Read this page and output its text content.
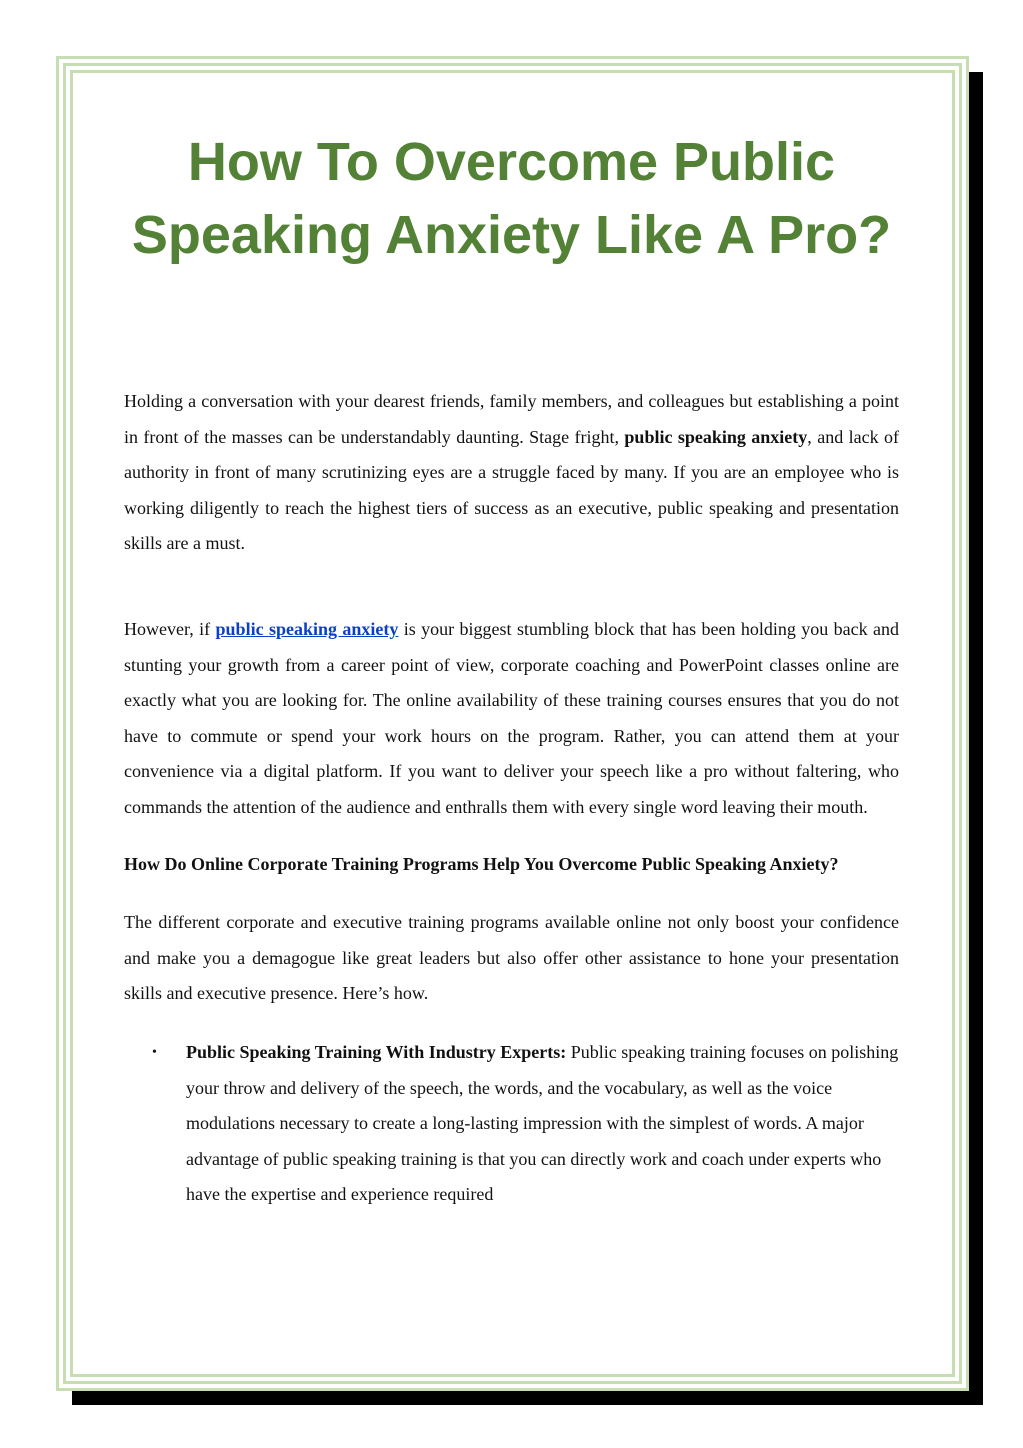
How To Overcome Public Speaking Anxiety Like A Pro?

Holding a conversation with your dearest friends, family members, and colleagues but establishing a point in front of the masses can be understandably daunting. Stage fright, public speaking anxiety, and lack of authority in front of many scrutinizing eyes are a struggle faced by many. If you are an employee who is working diligently to reach the highest tiers of success as an executive, public speaking and presentation skills are a must.

However, if public speaking anxiety is your biggest stumbling block that has been holding you back and stunting your growth from a career point of view, corporate coaching and PowerPoint classes online are exactly what you are looking for. The online availability of these training courses ensures that you do not have to commute or spend your work hours on the program. Rather, you can attend them at your convenience via a digital platform. If you want to deliver your speech like a pro without faltering, who commands the attention of the audience and enthralls them with every single word leaving their mouth.

How Do Online Corporate Training Programs Help You Overcome Public Speaking Anxiety?

The different corporate and executive training programs available online not only boost your confidence and make you a demagogue like great leaders but also offer other assistance to hone your presentation skills and executive presence. Here’s how.

• Public Speaking Training With Industry Experts: Public speaking training focuses on polishing your throw and delivery of the speech, the words, and the vocabulary, as well as the voice modulations necessary to create a long-lasting impression with the simplest of words. A major advantage of public speaking training is that you can directly work and coach under experts who have the expertise and experience required
